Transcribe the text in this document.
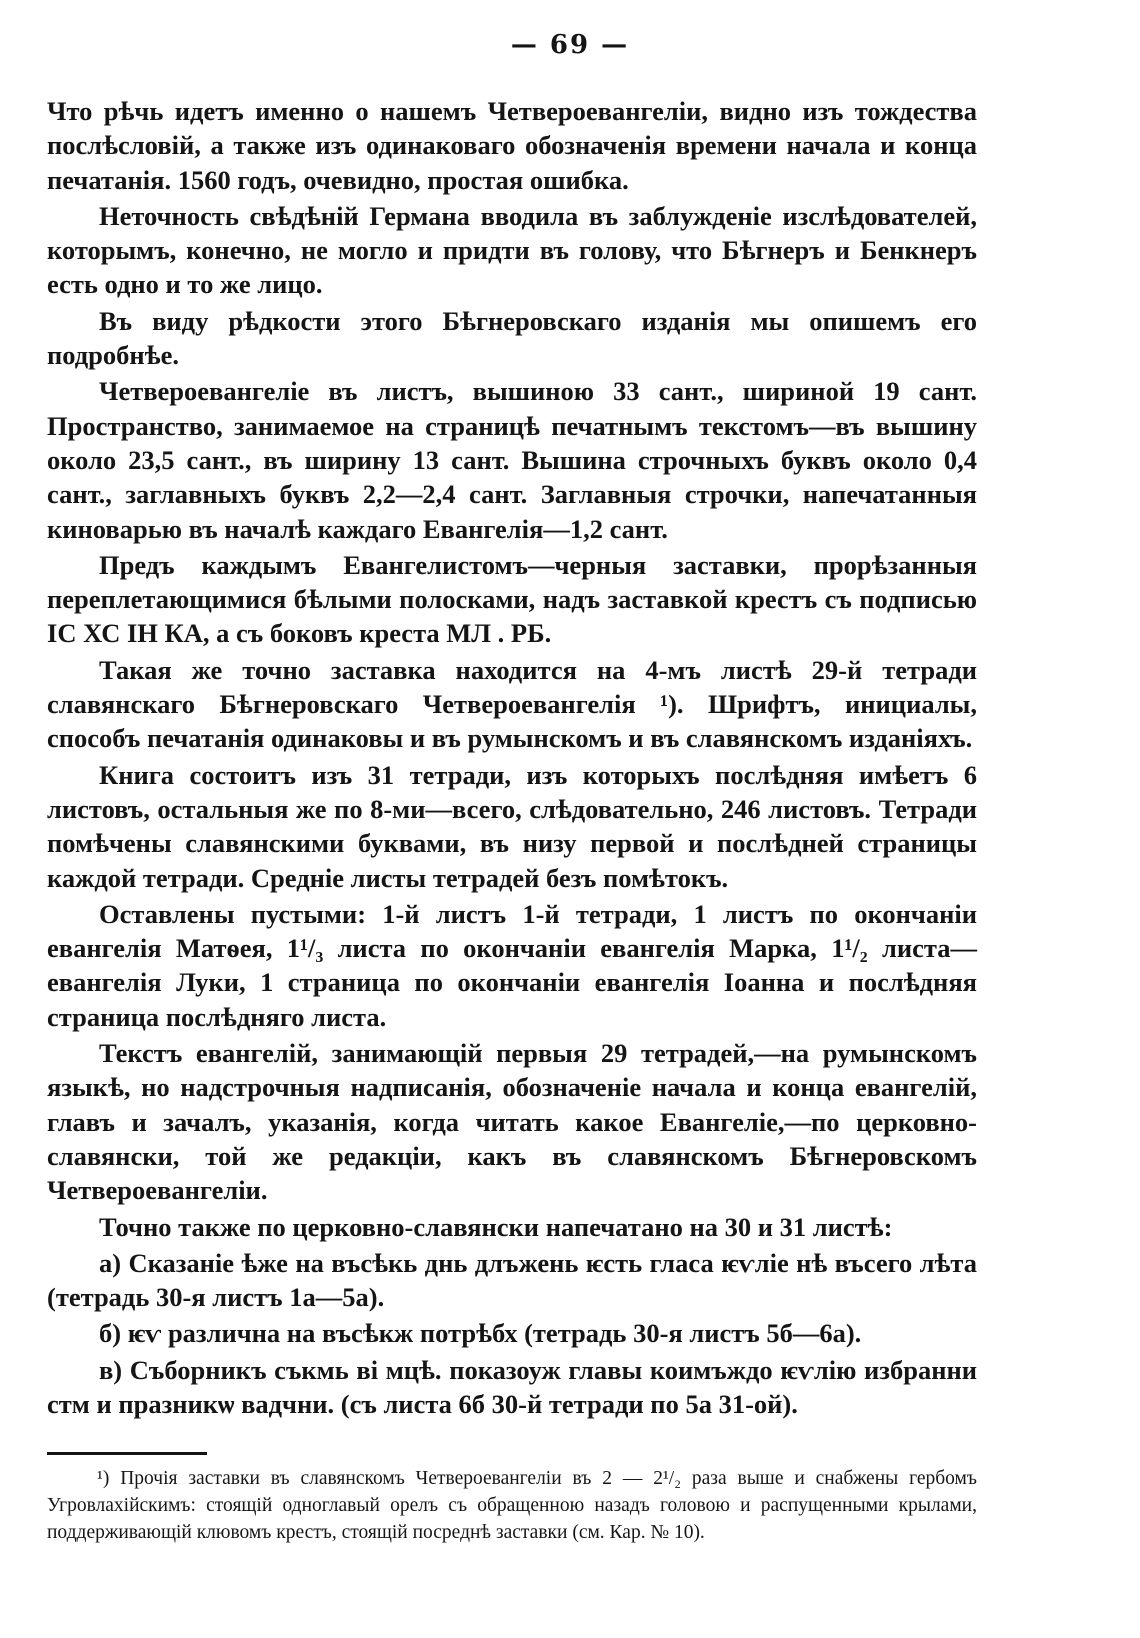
— 69 —

Что рѣчь идетъ именно о нашемъ Четвероевангеліи, видно изъ тождества послѣсловій, а также изъ одинаковаго обозначенія времени начала и конца печатанія. 1560 годъ, очевидно, простая ошибка.

Неточность свѣдѣній Германа вводила въ заблужденіе изслѣдователей, которымъ, конечно, не могло и придти въ голову, что Бѣгнеръ и Бенкнеръ есть одно и то же лицо.

Въ виду рѣдкости этого Бѣгнеровскаго изданія мы опишемъ его подробнѣе.

Четвероевангеліе въ листъ, вышиною 33 сант., шириной 19 сант. Пространство, занимаемое на страницѣ печатнымъ текстомъ—въ вышину около 23,5 сант., въ ширину 13 сант. Вышина строчныхъ буквъ около 0,4 сант., заглавныхъ буквъ 2,2—2,4 сант. Заглавныя строчки, напечатанныя киноварью въ началѣ каждаго Евангелія—1,2 сант.

Предъ каждымъ Евангелистомъ—черныя заставки, прорѣзанныя переплетающимися бѣлыми полосками, надъ заставкой крестъ съ подписью ІС ХС ІН КА, а съ боковъ креста МЛ . РБ.

Такая же точно заставка находится на 4-мъ листѣ 29-й тетради славянскаго Бѣгнеровскаго Четвероевангелія ¹). Шрифтъ, инициалы, способъ печатанія одинаковы и въ румынскомъ и въ славянскомъ изданіяхъ.

Книга состоитъ изъ 31 тетради, изъ которыхъ послѣдняя имѣетъ 6 листовъ, остальныя же по 8-ми—всего, слѣдовательно, 246 листовъ. Тетради помѣчены славянскими буквами, въ низу первой и послѣдней страницы каждой тетради. Средніе листы тетрадей безъ помѣтокъ.

Оставлены пустыми: 1-й листъ 1-й тетради, 1 листъ по окончаніи евангелія Матѳея, 1¹/₃ листа по окончаніи евангелія Марка, 1¹/₂ листа—евангелія Луки, 1 страница по окончаніи евангелія Іоанна и послѣдняя страница послѣдняго листа.

Текстъ евангелій, занимающій первыя 29 тетрадей,—на румынскомъ языкѣ, но надстрочныя надписанія, обозначеніе начала и конца евангелій, главъ и зачалъ, указанія, когда читать какое Евангеліе,—по церковно-славянски, той же редакціи, какъ въ славянскомъ Бѣгнеровскомъ Четвероевангеліи.

Точно также по церковно-славянски напечатано на 30 и 31 листѣ:

а) Сказаніе ѣже на въсѣкь днь длъжень ѥсть гласа ѥѵліе нѣ въсего лѣта (тетрадь 30-я листъ 1а—5а).

б) ѥѵ различна на въсѣкж потрѣбх (тетрадь 30-я листъ 5б—6а).

в) Съборникъ съкмь ві мцѣ. показоуж главы коимъждо ѥѵлію избранни стм и празникѡ вадчни. (съ листа 6б 30-й тетради по 5а 31-ой).

¹) Прочія заставки въ славянскомъ Четвероевангеліи въ 2 — 2¹/₂ раза выше и снабжены гербомъ Угровлахійскимъ: стоящій одноглавый орелъ съ обращенною назадъ головою и распущенными крылами, поддерживающій клювомъ крестъ, стоящій посреднѣ заставки (см. Кар. № 10).
